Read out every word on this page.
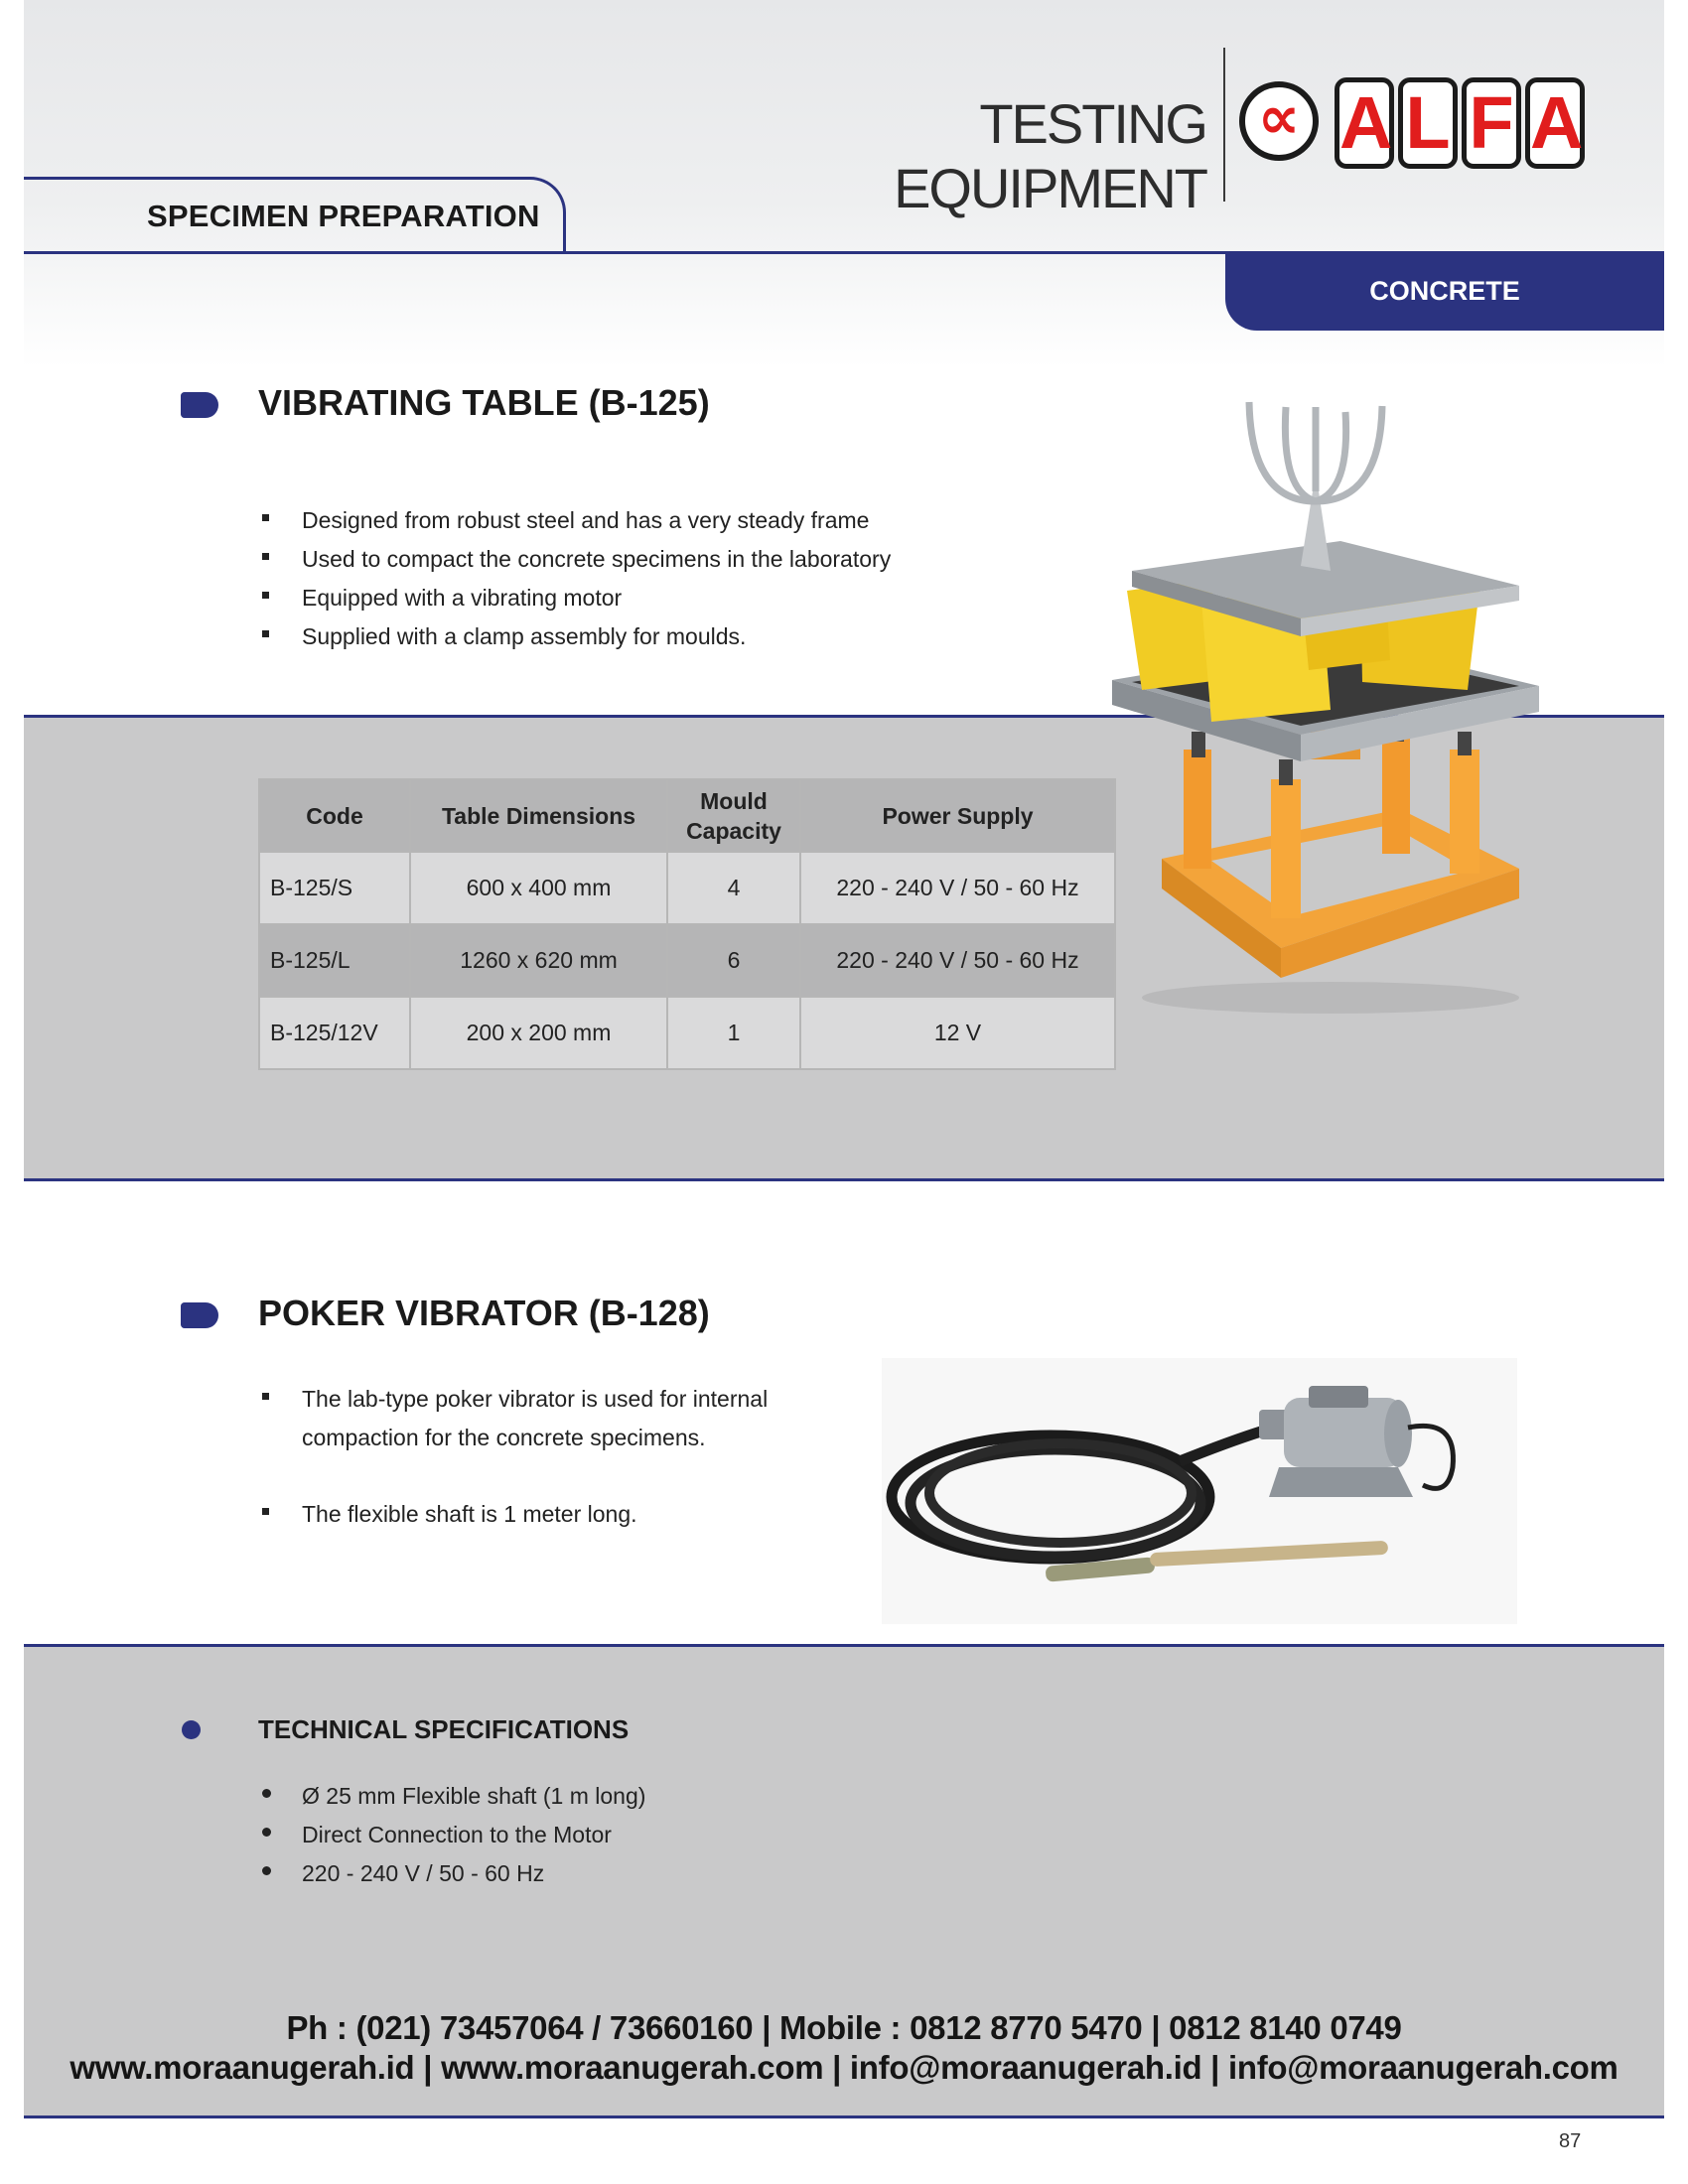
TESTING EQUIPMENT
∝ A L F A
SPECIMEN PREPARATION
CONCRETE
VIBRATING TABLE (B-125)
Designed from robust steel and has a very steady frame
Used to compact the concrete specimens in the laboratory
Equipped with a vibrating motor
Supplied with a clamp assembly for moulds.
Code	Table Dimensions	Mould Capacity	Power Supply
B-125/S	600 x 400 mm	4	220 - 240 V / 50 - 60 Hz
B-125/L	1260 x 620 mm	6	220 - 240 V / 50 - 60 Hz
B-125/12V	200 x 200 mm	1	12 V
POKER VIBRATOR (B-128)
The lab-type poker vibrator is used for internal compaction for the concrete specimens.
The flexible shaft is 1 meter long.
TECHNICAL SPECIFICATIONS
Ø 25 mm Flexible shaft (1 m long)
Direct Connection to the Motor
220 - 240 V / 50 - 60 Hz
Ph : (021) 73457064 / 73660160 | Mobile : 0812 8770 5470 | 0812 8140 0749
www.moraanugerah.id | www.moraanugerah.com | info@moraanugerah.id | info@moraanugerah.com
87
